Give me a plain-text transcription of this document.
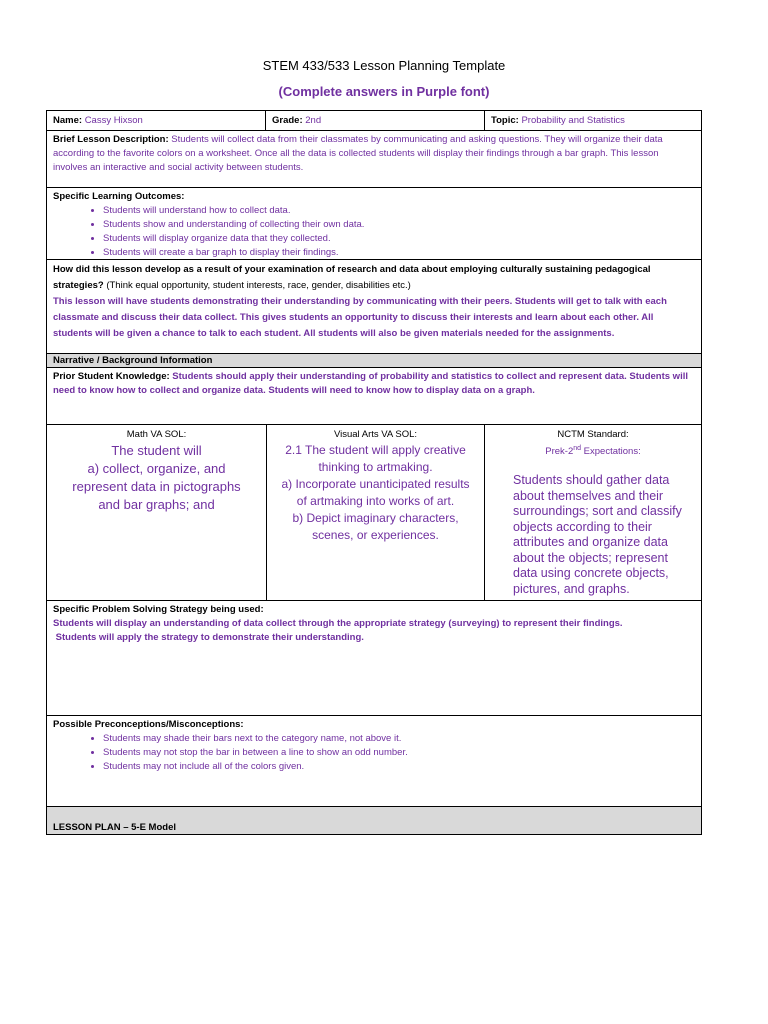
STEM 433/533 Lesson Planning Template
(Complete answers in Purple font)
Name: Cassy Hixson	Grade: 2nd	Topic: Probability and Statistics
Brief Lesson Description: Students will collect data from their classmates by communicating and asking questions. They will organize their data according to the favorite colors on a worksheet. Once all the data is collected students will display their findings through a bar graph. This lesson involves an interactive and social activity between students.
Specific Learning Outcomes:
• Students will understand how to collect data.
• Students show and understanding of collecting their own data.
• Students will display organize data that they collected.
• Students will create a bar graph to display their findings.
How did this lesson develop as a result of your examination of research and data about employing culturally sustaining pedagogical strategies? (Think equal opportunity, student interests, race, gender, disabilities etc.)
This lesson will have students demonstrating their understanding by communicating with their peers. Students will get to talk with each classmate and discuss their data collect. This gives students an opportunity to discuss their interests and learn about each other. All students will be given a chance to talk to each student. All students will also be given materials needed for the assignments.
Narrative / Background Information
Prior Student Knowledge: Students should apply their understanding of probability and statistics to collect and represent data. Students will need to know how to collect and organize data. Students will need to know how to display data on a graph.
Math VA SOL:
The student will
a) collect, organize, and
represent data in pictographs
and bar graphs; and
Visual Arts VA SOL:
2.1 The student will apply creative
thinking to artmaking.
a) Incorporate unanticipated results
of artmaking into works of art.
b) Depict imaginary characters,
scenes, or experiences.
NCTM Standard:
Prek-2nd Expectations:
Students should gather data about themselves and their surroundings; sort and classify objects according to their attributes and organize data about the objects; represent data using concrete objects, pictures, and graphs.
Specific Problem Solving Strategy being used:
Students will display an understanding of data collect through the appropriate strategy (surveying) to represent their findings.
Students will apply the strategy to demonstrate their understanding.
Possible Preconceptions/Misconceptions:
• Students may shade their bars next to the category name, not above it.
• Students may not stop the bar in between a line to show an odd number.
• Students may not include all of the colors given.
LESSON PLAN – 5-E Model
